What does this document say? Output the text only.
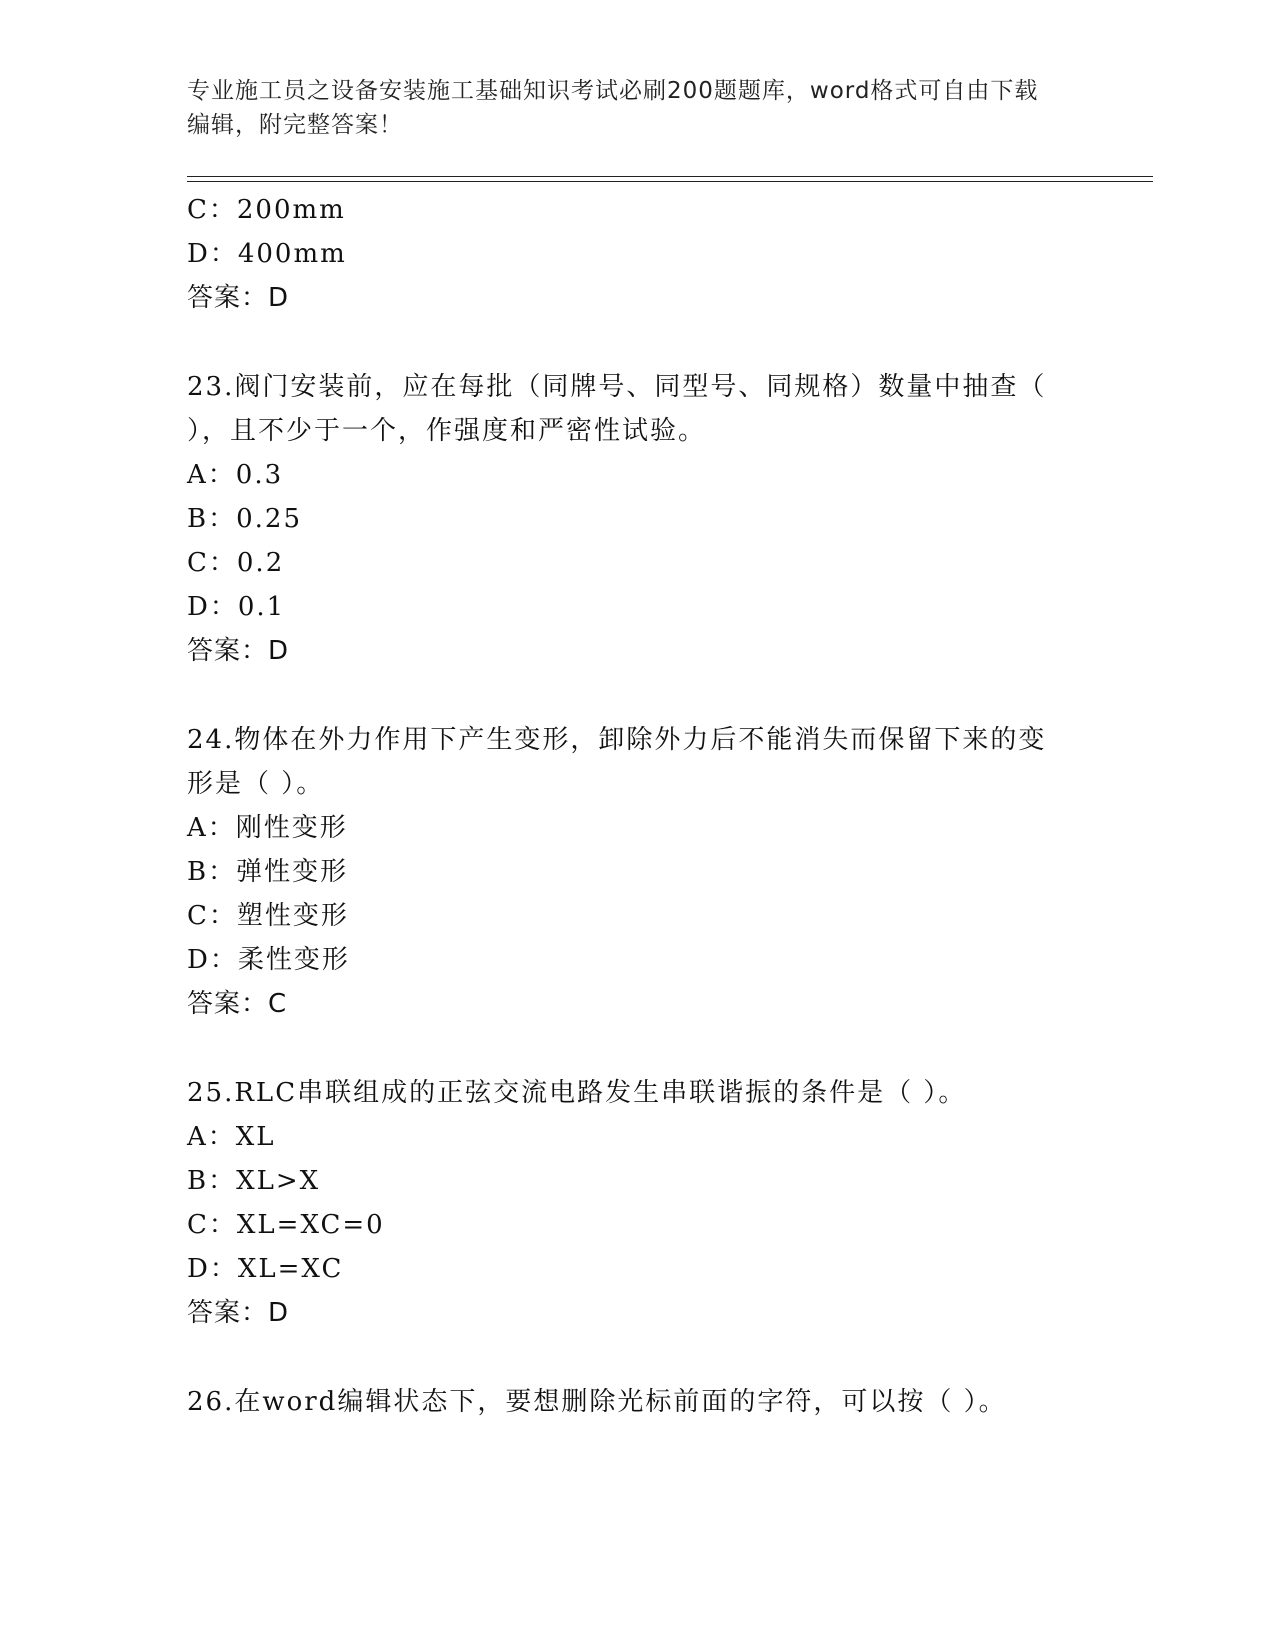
专业施工员之设备安装施工基础知识考试必刷200题题库，word格式可自由下载
编辑，附完整答案！
C：200mm
D：400mm
答案：D
23.阀门安装前，应在每批（同牌号、同型号、同规格）数量中抽查（
），且不少于一个，作强度和严密性试验。
A：0.3
B：0.25
C：0.2
D：0.1
答案：D
24.物体在外力作用下产生变形，卸除外力后不能消失而保留下来的变
形是（ ）。
A：刚性变形
B：弹性变形
C：塑性变形
D：柔性变形
答案：C
25.RLC串联组成的正弦交流电路发生串联谐振的条件是（ ）。
A：XL
B：XL>X
C：XL=XC=0
D：XL=XC
答案：D
26.在word编辑状态下，要想删除光标前面的字符，可以按（ ）。
